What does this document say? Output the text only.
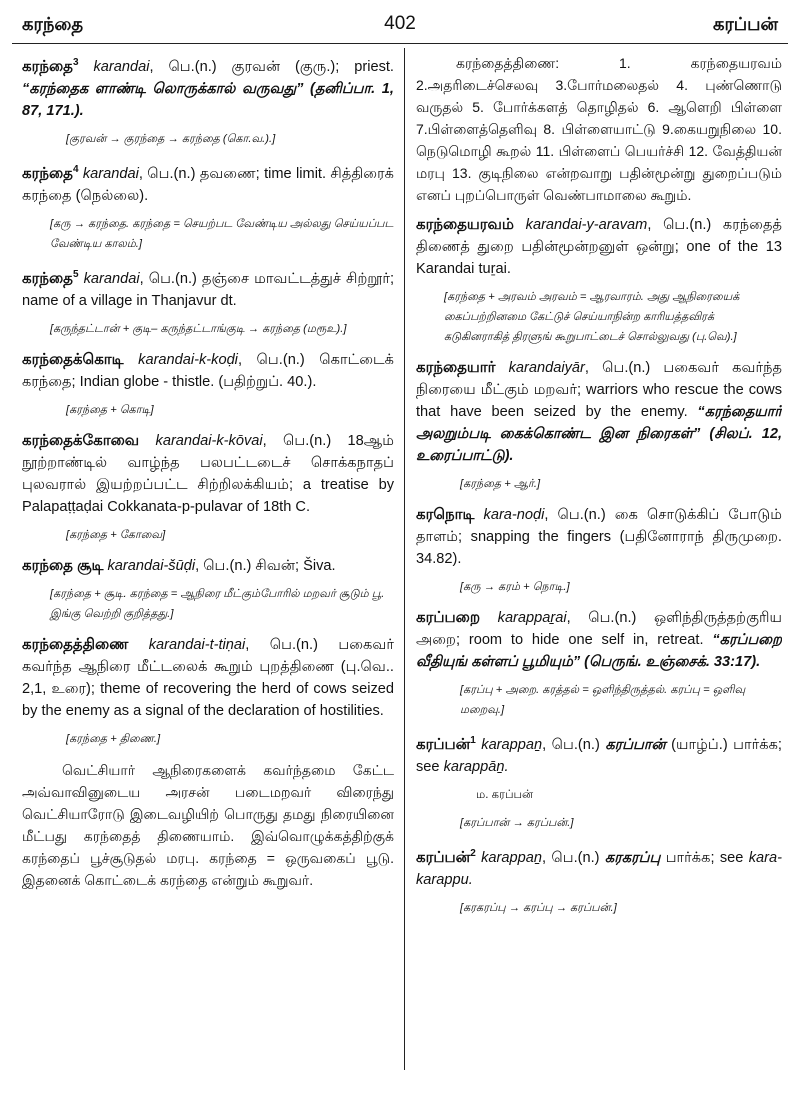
கரந்தை	402	கரப்பன்

கரந்தை$^3$ karandai, பெ.(n.) குரவன் (குரு.); priest. “கரந்தைக ளாண்டி லொருக்கால் வருவது” (தனிப்பா. 1, 87, 171.).

[குரவன் → குரந்தை → கரந்தை (கொ.வ.).]

கரந்தை$^4$ karandai, பெ.(n.) தவணை; time limit. சித்திரைக் கரந்தை (நெல்லை).

[கரு → கரந்தை. கரந்தை = செயற்பட வேண்டிய அல்லது செய்யப்பட வேண்டிய காலம்.]

கரந்தை$^5$ karandai, பெ.(n.) தஞ்சை மாவட்டத்துச் சிற்றூர்; name of a village in Thanjavur dt.

[கருந்தட்டான் + குடி– கருந்தட்டாங்குடி → கரந்தை (மரூஉ).]

கரந்தைக்கொடி karandai-k-koḍi, பெ.(n.) கொட்டைக் கரந்தை; Indian globe - thistle. (பதிற்றுப். 40.).

[கரந்தை + கொடி]

கரந்தைக்கோவை karandai-k-kōvai, பெ.(n.) 18ஆம் நூற்றாண்டில் வாழ்ந்த பலபட்டடைச் சொக்கநாதப் புலவரால் இயற்றப்பட்ட சிற்றிலக்கியம்; a treatise by Palapaṭṭaḍai Cokkanata-p-pulavar of 18th C.

[கரந்தை + கோவை]

கரந்தை சூடி karandai-šūḍi, பெ.(n.) சிவன்; Šiva.

[கரந்தை + சூடி. கரந்தை = ஆநிரை மீட்கும்போரில் மறவர் சூடும் பூ. இங்கு வெற்றி குறித்தது.]

கரந்தைத்திணை karandai-t-tiṇai, பெ.(n.) பகைவர் கவர்ந்த ஆநிரை மீட்டலைக் கூறும் புறத்திணை (பு.வெ.. 2,1, உரை); theme of recovering the herd of cows seized by the enemy as a signal of the declaration of hostilities.

[கரந்தை + திணை.]

வெட்சியார் ஆநிரைகளைக் கவர்ந்தமை கேட்ட அவ்வாவினுடைய அரசன் படைமறவர் விரைந்து வெட்சியாரோடு இடைவழியிற் பொருது தமது நிரையினை மீட்பது கரந்தைத் திணையாம். இவ்வொழுக்கத்திற்குக் கரந்தைப் பூச்சூடுதல் மரபு. கரந்தை = ஒருவகைப் பூடு. இதனைக் கொட்டைக் கரந்தை என்றும் கூறுவர்.

கரந்தைத்திணை: 1. கரந்தையரவம் 2.அதரிடைச்செலவு 3.போர்மலைதல் 4. புண்ணொடு வருதல் 5. போர்க்களத் தொழிதல் 6. ஆளெறி பிள்ளை 7.பிள்ளைத்தெளிவு 8. பிள்ளையாட்டு 9.கையறுநிலை 10. நெடுமொழி கூறல் 11. பிள்ளைப் பெயர்ச்சி 12. வேத்தியன் மரபு 13. குடிநிலை என்றவாறு பதின்மூன்று துறைப்படும் எனப் புறப்பொருள் வெண்பாமாலை கூறும்.

கரந்தையரவம் karandai-y-aravam, பெ.(n.) கரந்தைத் திணைத் துறை பதின்மூன்றனுள் ஒன்று; one of the 13 Karandai tuṟai.

[கரந்தை + அரவம் அரவம் = ஆரவாரம். அது ஆநிரையைக் கைப்பற்றினமை கேட்டுச் செய்யாநின்ற காரியத்தவிரக் கடுகினராகித் திரளுங் கூறுபாட்டைச் சொல்லுவது (பு.வெ).]

கரந்தையார் karandaiyār, பெ.(n.) பகைவர் கவர்ந்த நிரையை மீட்கும் மறவர்; warriors who rescue the cows that have been seized by the enemy. “கரந்தையார் அலறும்படி கைக்கொண்ட இன நிரைகள்” (சிலப். 12, உரைப்பாட்டு).

[கரந்தை + ஆர்.]

கரநொடி kara-noḍi, பெ.(n.) கை சொடுக்கிப் போடும் தாளம்; snapping the fingers (பதினோராந் திருமுறை. 34.82).

[கரு → கரம் + நொடி.]

கரப்பறை karappaṟai, பெ.(n.) ஒளிந்திருத்தற்குரிய அறை; room to hide one self in, retreat. “கரப்பறை வீதியுங் கள்ளப் பூமியும்” (பெருங். உஞ்சைக். 33:17).

[கரப்பு + அறை. கரத்தல் = ஒளிந்திருத்தல். கரப்பு = ஒளிவு மறைவு.]

கரப்பன்$^1$ karappaṉ, பெ.(n.) கரப்பான் (யாழ்ப்.) பார்க்க; see karappāṉ.

ம. கரப்பன்
[கரப்பான் → கரப்பன்.]

கரப்பன்$^2$ karappaṉ, பெ.(n.) கரகரப்பு பார்க்க; see kara-karappu.

[கரகரப்பு → கரப்பு → கரப்பன்.]
